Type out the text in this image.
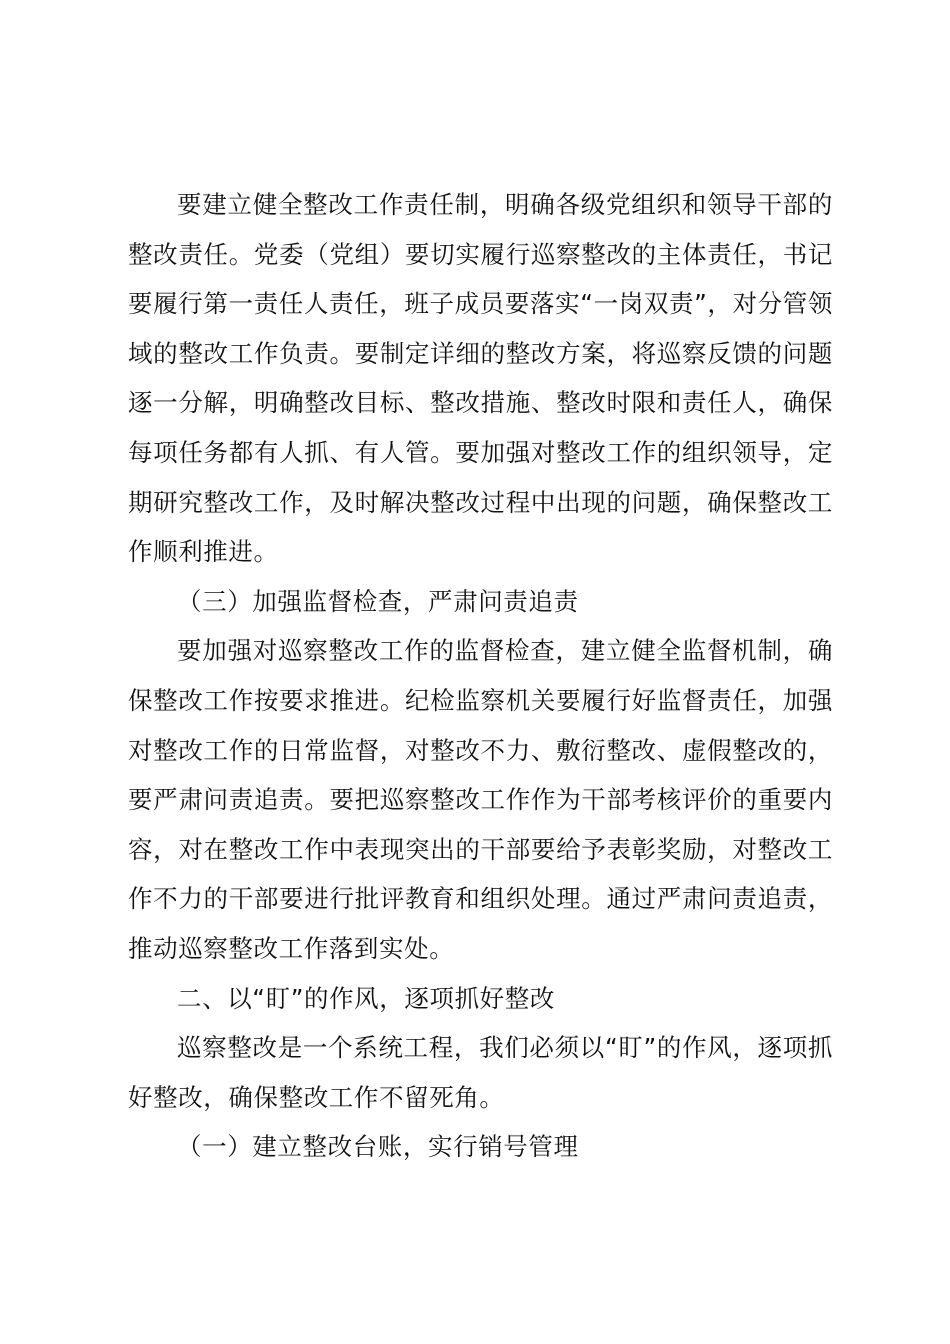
要建立健全整改工作责任制，明确各级党组织和领导干部的整改责任。党委（党组）要切实履行巡察整改的主体责任，书记要履行第一责任人责任，班子成员要落实“一岗双责”，对分管领域的整改工作负责。要制定详细的整改方案，将巡察反馈的问题逐一分解，明确整改目标、整改措施、整改时限和责任人，确保每项任务都有人抓、有人管。要加强对整改工作的组织领导，定期研究整改工作，及时解决整改过程中出现的问题，确保整改工作顺利推进。

（三）加强监督检查，严肃问责追责

要加强对巡察整改工作的监督检查，建立健全监督机制，确保整改工作按要求推进。纪检监察机关要履行好监督责任，加强对整改工作的日常监督，对整改不力、敷衍整改、虚假整改的，要严肃问责追责。要把巡察整改工作作为干部考核评价的重要内容，对在整改工作中表现突出的干部要给予表彰奖励，对整改工作不力的干部要进行批评教育和组织处理。通过严肃问责追责，推动巡察整改工作落到实处。

二、以“盯”的作风，逐项抓好整改

巡察整改是一个系统工程，我们必须以“盯”的作风，逐项抓好整改，确保整改工作不留死角。

（一）建立整改台账，实行销号管理
